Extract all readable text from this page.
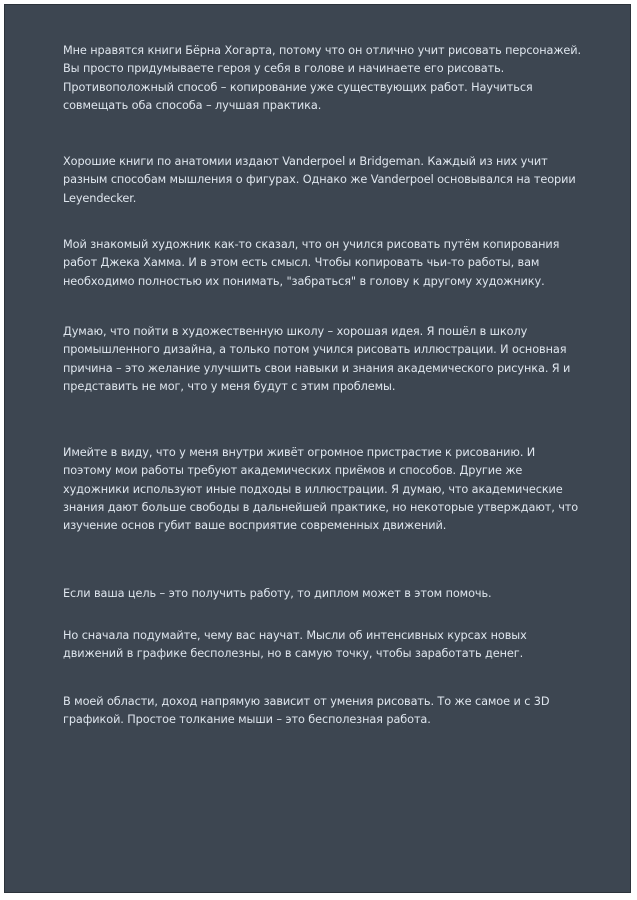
Мне нравятся книги Бёрна Хогарта, потому что он отлично учит рисовать персонажей. Вы просто придумываете героя у себя в голове и начинаете его рисовать. Противоположный способ – копирование уже существующих работ. Научиться совмещать оба способа – лучшая практика.

Хорошие книги по анатомии издают Vanderpoel и Bridgeman. Каждый из них учит разным способам мышления о фигурах. Однако же Vanderpoel основывался на теории Leyendecker.

Мой знакомый художник как-то сказал, что он учился рисовать путём копирования работ Джека Хамма. И в этом есть смысл. Чтобы копировать чьи-то работы, вам необходимо полностью их понимать, "забраться" в голову к другому художнику.

Думаю, что пойти в художественную школу – хорошая идея. Я пошёл в школу промышленного дизайна, а только потом учился рисовать иллюстрации. И основная причина – это желание улучшить свои навыки и знания академического рисунка. Я и представить не мог, что у меня будут с этим проблемы.

Имейте в виду, что у меня внутри живёт огромное пристрастие к рисованию. И поэтому мои работы требуют академических приёмов и способов. Другие же художники используют иные подходы в иллюстрации. Я думаю, что академические знания дают больше свободы в дальнейшей практике, но некоторые утверждают, что изучение основ губит ваше восприятие современных движений.

Если ваша цель – это получить работу, то диплом может в этом помочь.

Но сначала подумайте, чему вас научат. Мысли об интенсивных курсах новых движений в графике бесполезны, но в самую точку, чтобы заработать денег.

В моей области, доход напрямую зависит от умения рисовать. То же самое и с 3D графикой. Простое толкание мыши – это бесполезная работа.
